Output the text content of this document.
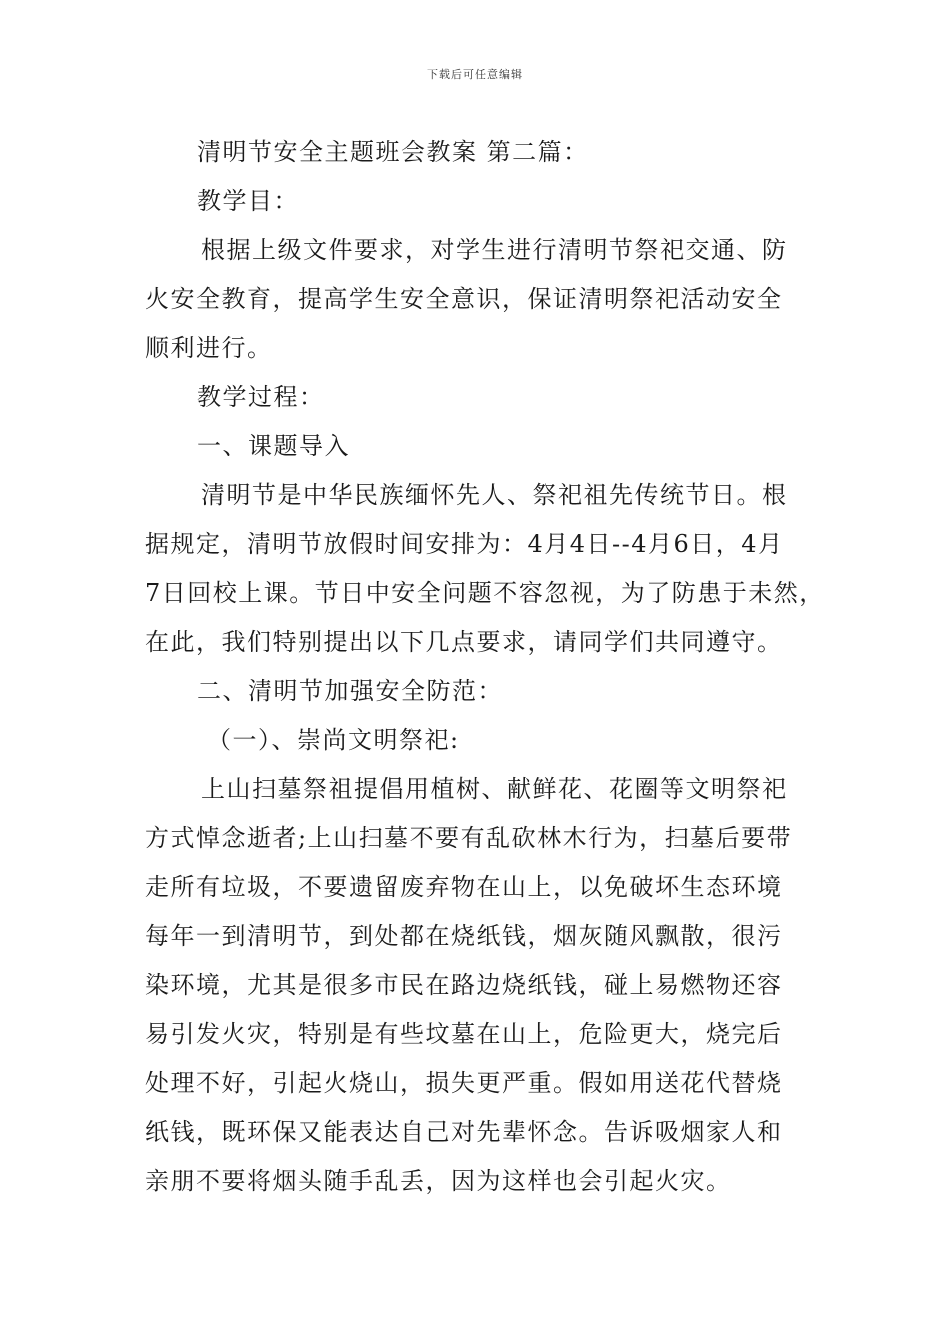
下载后可任意编辑
清明节安全主题班会教案 第二篇：
教学目：
根据上级文件要求，对学生进行清明节祭祀交通、防
火安全教育，提高学生安全意识，保证清明祭祀活动安全
顺利进行。
教学过程：
一、课题导入
清明节是中华民族缅怀先人、祭祀祖先传统节日。根
据规定，清明节放假时间安排为：4月4日--4月6日，4月
7日回校上课。节日中安全问题不容忽视，为了防患于未然，
在此，我们特别提出以下几点要求，请同学们共同遵守。
二、清明节加强安全防范：
（一）、崇尚文明祭祀:
上山扫墓祭祖提倡用植树、献鲜花、花圈等文明祭祀
方式悼念逝者;上山扫墓不要有乱砍林木行为，扫墓后要带
走所有垃圾，不要遗留废弃物在山上，以免破坏生态环境
每年一到清明节，到处都在烧纸钱，烟灰随风飘散，很污
染环境，尤其是很多市民在路边烧纸钱，碰上易燃物还容
易引发火灾，特别是有些坟墓在山上，危险更大，烧完后
处理不好，引起火烧山，损失更严重。假如用送花代替烧
纸钱，既环保又能表达自己对先辈怀念。告诉吸烟家人和
亲朋不要将烟头随手乱丢，因为这样也会引起火灾。
